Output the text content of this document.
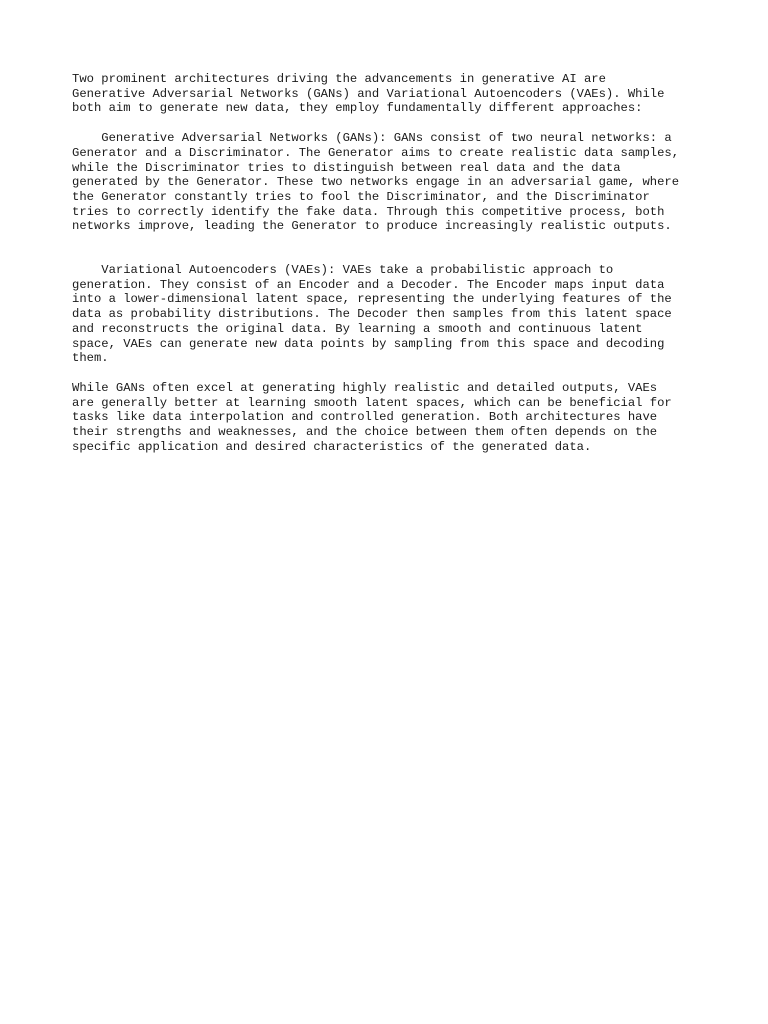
Two prominent architectures driving the advancements in generative AI are
Generative Adversarial Networks (GANs) and Variational Autoencoders (VAEs). While
both aim to generate new data, they employ fundamentally different approaches:

Generative Adversarial Networks (GANs): GANs consist of two neural networks: a
Generator and a Discriminator. The Generator aims to create realistic data samples,
while the Discriminator tries to distinguish between real data and the data
generated by the Generator. These two networks engage in an adversarial game, where
the Generator constantly tries to fool the Discriminator, and the Discriminator
tries to correctly identify the fake data. Through this competitive process, both
networks improve, leading the Generator to produce increasingly realistic outputs.

Variational Autoencoders (VAEs): VAEs take a probabilistic approach to
generation. They consist of an Encoder and a Decoder. The Encoder maps input data
into a lower-dimensional latent space, representing the underlying features of the
data as probability distributions. The Decoder then samples from this latent space
and reconstructs the original data. By learning a smooth and continuous latent
space, VAEs can generate new data points by sampling from this space and decoding
them.

While GANs often excel at generating highly realistic and detailed outputs, VAEs
are generally better at learning smooth latent spaces, which can be beneficial for
tasks like data interpolation and controlled generation. Both architectures have
their strengths and weaknesses, and the choice between them often depends on the
specific application and desired characteristics of the generated data.
